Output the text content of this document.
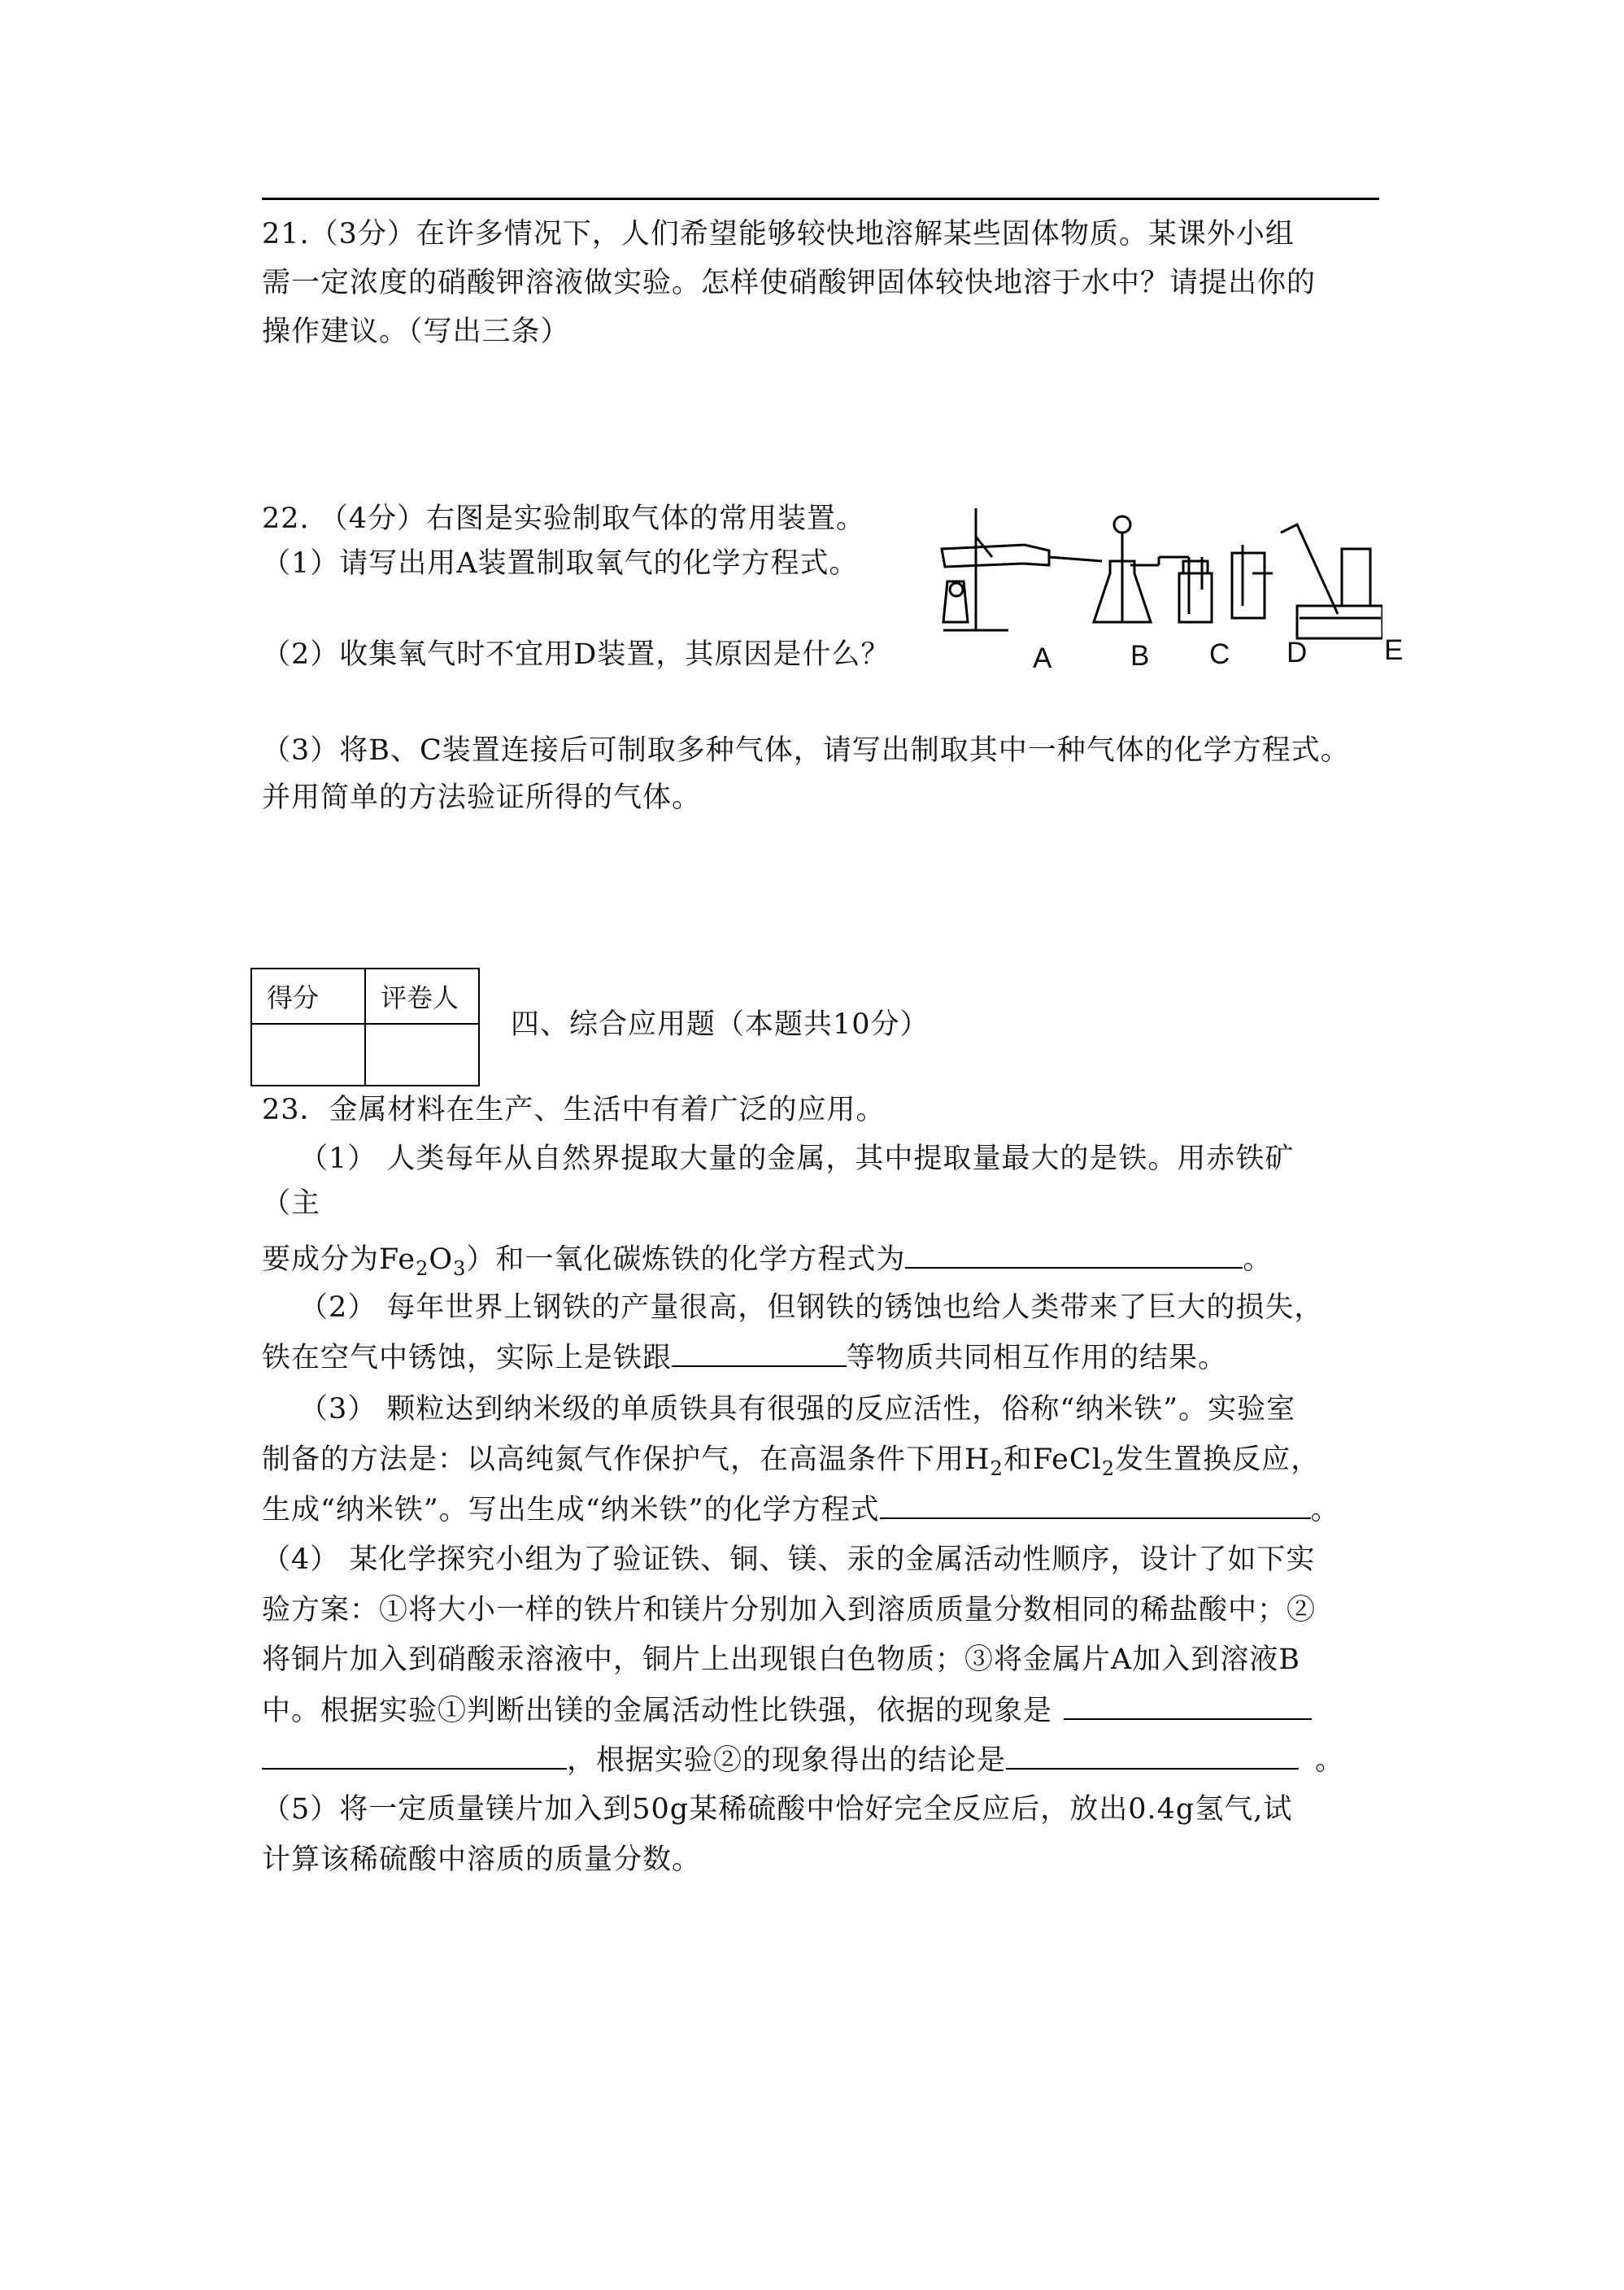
21.（3分）在许多情况下，人们希望能够较快地溶解某些固体物质。某课外小组
需一定浓度的硝酸钾溶液做实验。怎样使硝酸钾固体较快地溶于水中？请提出你的
操作建议。（写出三条）
22. （4分）右图是实验制取气体的常用装置。
（1）请写出用A装置制取氧气的化学方程式。
（2）收集氧气时不宜用D装置，其原因是什么？
（3）将B、C装置连接后可制取多种气体，请写出制取其中一种气体的化学方程式。
并用简单的方法验证所得的气体。
A	B C D	E
得分	评卷人

四、综合应用题（本题共10分）
23．金属材料在生产、生活中有着广泛的应用。
（1） 人类每年从自然界提取大量的金属，其中提取量最大的是铁。用赤铁矿
（主
要成分为$Fe_2O_3$）和一氧化碳炼铁的化学方程式为	。
（2） 每年世界上钢铁的产量很高，但钢铁的锈蚀也给人类带来了巨大的损失，
铁在空气中锈蚀，实际上是铁跟	等物质共同相互作用的结果。
（3） 颗粒达到纳米级的单质铁具有很强的反应活性，俗称“纳米铁”。实验室
制备的方法是：以高纯氮气作保护气，在高温条件下用$H_2$和FeCl$_2$发生置换反应，
生成“纳米铁”。写出生成“纳米铁”的化学方程式	。
（4） 某化学探究小组为了验证铁、铜、镁、汞的金属活动性顺序，设计了如下实
验方案：①将大小一样的铁片和镁片分别加入到溶质质量分数相同的稀盐酸中；②
将铜片加入到硝酸汞溶液中，铜片上出现银白色物质；③将金属片A加入到溶液B
中。根据实验①判断出镁的金属活动性比铁强，依据的现象是
，根据实验②的现象得出的结论是	。
（5）将一定质量镁片加入到50g某稀硫酸中恰好完全反应后，放出0.4g氢气,试
计算该稀硫酸中溶质的质量分数。
